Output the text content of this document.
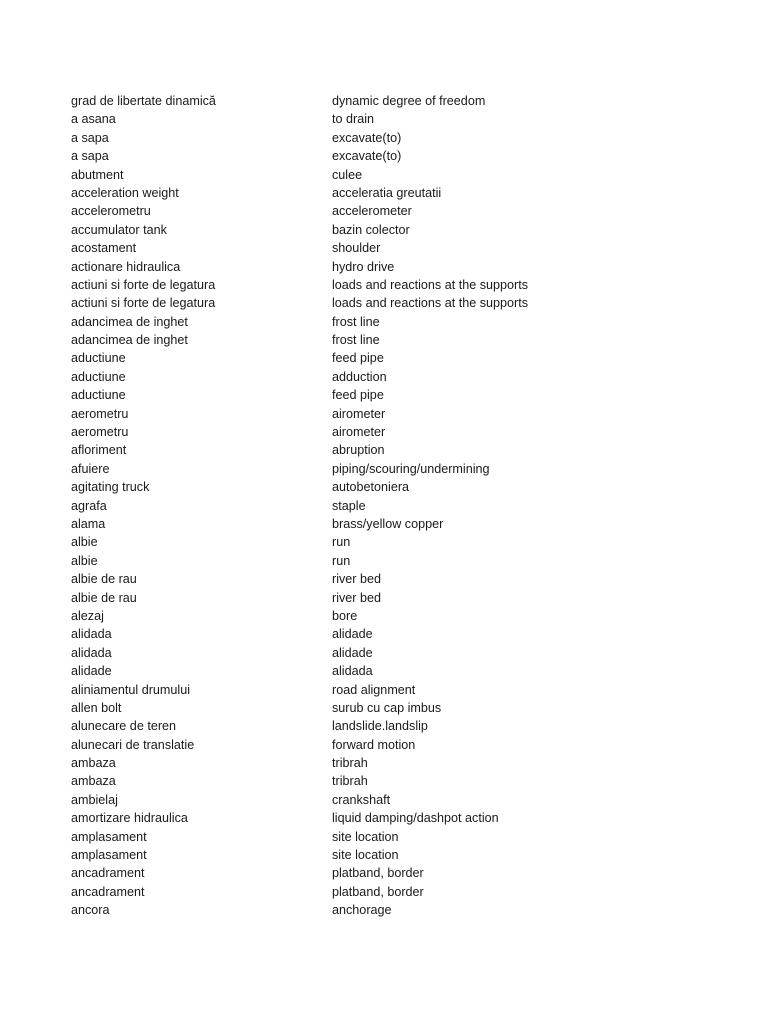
grad de libertate dinamică	dynamic degree of freedom
a asana	to drain
a sapa	excavate(to)
a sapa	excavate(to)
abutment	culee
acceleration weight	acceleratia greutatii
accelerometru	accelerometer
accumulator tank	bazin colector
acostament	shoulder
actionare hidraulica	hydro drive
actiuni si forte de legatura	loads and reactions at the supports
actiuni si forte de legatura	loads and reactions at the supports
adancimea de inghet	frost line
adancimea de inghet	frost line
aductiune	feed pipe
aductiune	adduction
aductiune	feed pipe
aerometru	airometer
aerometru	airometer
afloriment	abruption
afuiere	piping/scouring/undermining
agitating truck	autobetoniera
agrafa	staple
alama	brass/yellow copper
albie	run
albie	run
albie de rau	river bed
albie de rau	river bed
alezaj	bore
alidada	alidade
alidada	alidade
alidade	alidada
aliniamentul drumului	road alignment
allen bolt	surub cu cap imbus
alunecare de teren	landslide.landslip
alunecari de translatie	forward motion
ambaza	tribrah
ambaza	tribrah
ambielaj	crankshaft
amortizare hidraulica	liquid damping/dashpot action
amplasament	site location
amplasament	site location
ancadrament	platband, border
ancadrament	platband, border
ancora	anchorage
